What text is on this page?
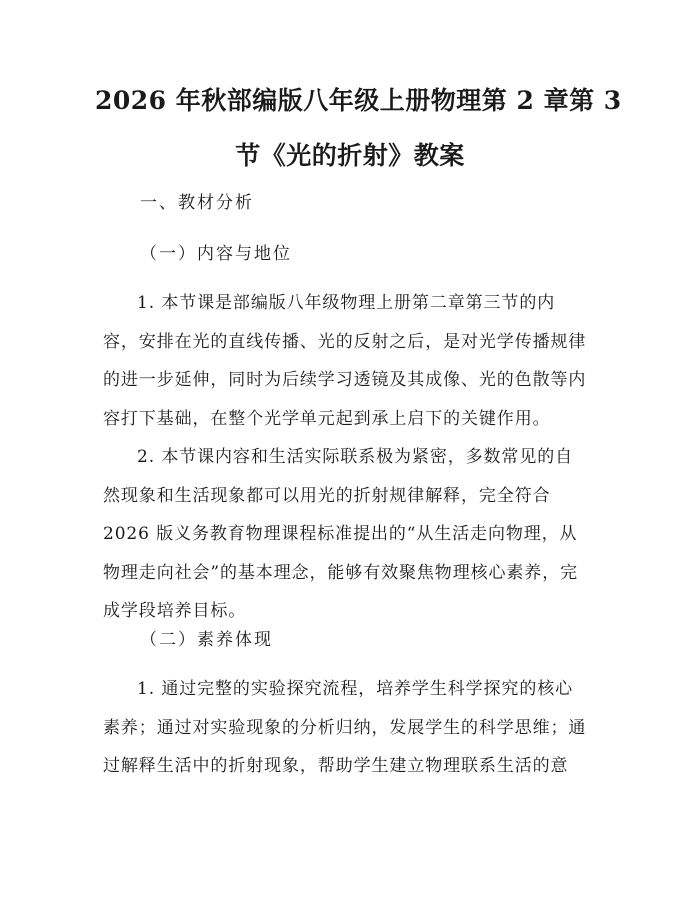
2026 年秋部编版八年级上册物理第 2 章第 3
节《光的折射》教案

一、教材分析

（一）内容与地位

1. 本节课是部编版八年级物理上册第二章第三节的内
容，安排在光的直线传播、光的反射之后，是对光学传播规律
的进一步延伸，同时为后续学习透镜及其成像、光的色散等内
容打下基础，在整个光学单元起到承上启下的关键作用。
2. 本节课内容和生活实际联系极为紧密，多数常见的自
然现象和生活现象都可以用光的折射规律解释，完全符合
2026 版义务教育物理课程标准提出的“从生活走向物理，从
物理走向社会”的基本理念，能够有效聚焦物理核心素养，完
成学段培养目标。

（二）素养体现

1. 通过完整的实验探究流程，培养学生科学探究的核心
素养；通过对实验现象的分析归纳，发展学生的科学思维；通
过解释生活中的折射现象，帮助学生建立物理联系生活的意
